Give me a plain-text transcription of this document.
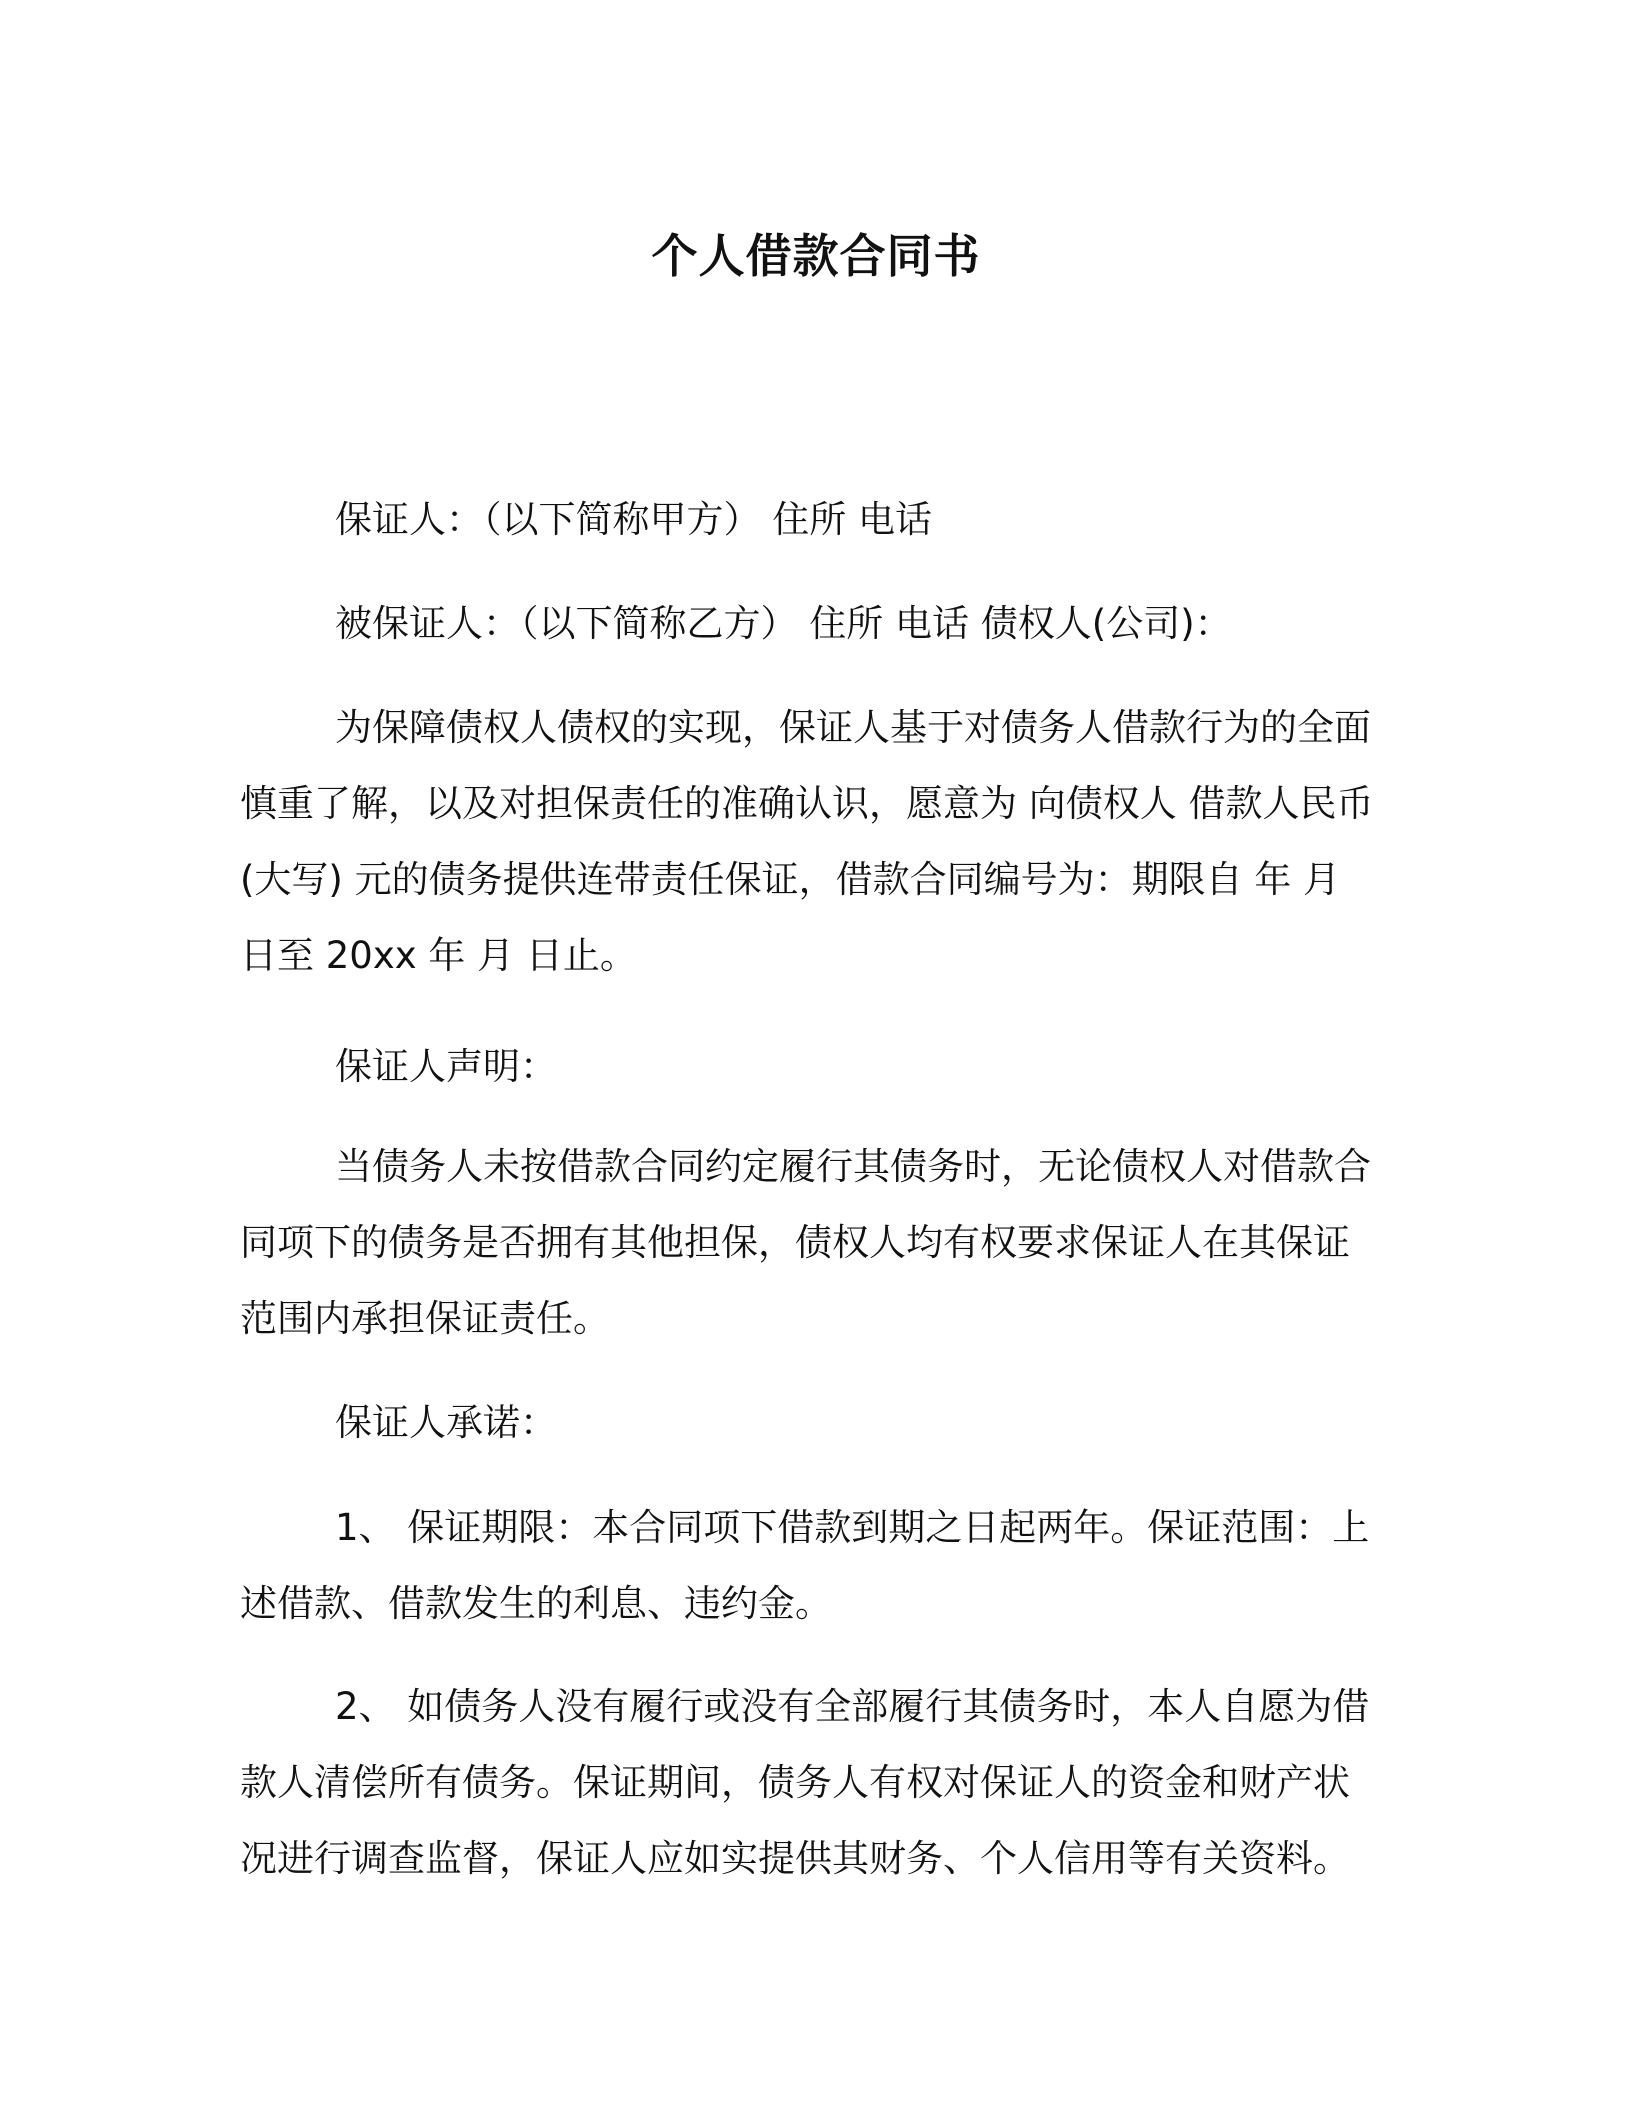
个人借款合同书

保证人：（以下简称甲方） 住所 电话

被保证人：（以下简称乙方） 住所 电话 债权人(公司)：

为保障债权人债权的实现，保证人基于对债务人借款行为的全面慎重了解，以及对担保责任的准确认识，愿意为 向债权人 借款人民币(大写) 元的债务提供连带责任保证，借款合同编号为：期限自 年 月 日至 20xx 年 月 日止。

保证人声明：

当债务人未按借款合同约定履行其债务时，无论债权人对借款合同项下的债务是否拥有其他担保，债权人均有权要求保证人在其保证范围内承担保证责任。

保证人承诺：

1、 保证期限：本合同项下借款到期之日起两年。保证范围：上述借款、借款发生的利息、违约金。

2、 如债务人没有履行或没有全部履行其债务时，本人自愿为借款人清偿所有债务。保证期间，债务人有权对保证人的资金和财产状况进行调查监督，保证人应如实提供其财务、个人信用等有关资料。
